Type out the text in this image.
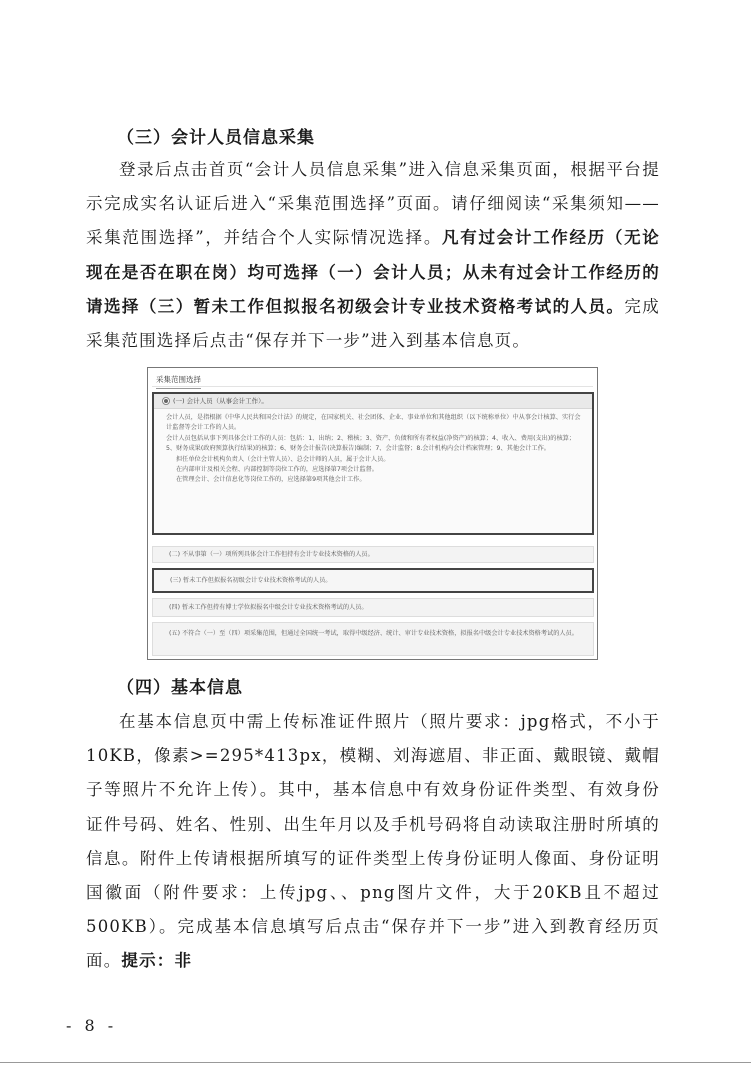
（三）会计人员信息采集
登录后点击首页“会计人员信息采集”进入信息采集页面，根据平台提示完成实名认证后进入“采集范围选择”页面。请仔细阅读“采集须知——采集范围选择”，并结合个人实际情况选择。凡有过会计工作经历（无论现在是否在职在岗）均可选择（一）会计人员；从未有过会计工作经历的请选择（三）暂未工作但拟报名初级会计专业技术资格考试的人员。完成采集范围选择后点击“保存并下一步”进入到基本信息页。
采集范围选择
(一) 会计人员（从事会计工作）。

会计人员，是指根据《中华人民共和国会计法》的规定，在国家机关、社会团体、企业、事业单位和其他组织（以下统称单位）中从事会计核算、实行会计监督等会计工作的人员。

会计人员包括从事下列具体会计工作的人员：包括：1、出纳；2、稽核；3、资产、负债和所有者权益(净资产)的核算；4、收入、费用(支出)的核算；5、财务成果(政府预算执行结果)的核算；6、财务会计报告(决算报告)编制；7、会计监督；8.会计机构内会计档案管理；9、其他会计工作。

担任单位会计机构负责人（会计主管人员）、总会计师的人员，属于会计人员。

在内部审计及相关会程、内部控制等岗位工作的，应选择第7项会计监督。

在管理会计、会计信息化等岗位工作的，应选择第9项其他会计工作。

(二) 不从事第（一）项所列具体会计工作但持有会计专业技术资格的人员。
(三) 暂未工作但拟报名初级会计专业技术资格考试的人员。
(四) 暂未工作但持有博士学位拟报名中级会计专业技术资格考试的人员。
(五) 不符合（一）至（四）项采集范围，但通过全国统一考试，取得中级经济、统计、审计专业技术资格，拟报名中级会计专业技术资格考试的人员。
（四）基本信息
在基本信息页中需上传标准证件照片（照片要求：jpg格式，不小于10KB，像素>=295*413px，模糊、刘海遮眉、非正面、戴眼镜、戴帽子等照片不允许上传）。其中，基本信息中有效身份证件类型、有效身份证件号码、姓名、性别、出生年月以及手机号码将自动读取注册时所填的信息。附件上传请根据所填写的证件类型上传身份证明人像面、身份证明国徽面（附件要求：上传jpg、、png图片文件，大于20KB且不超过500KB）。完成基本信息填写后点击“保存并下一步”进入到教育经历页面。提示：非
- 8 -
